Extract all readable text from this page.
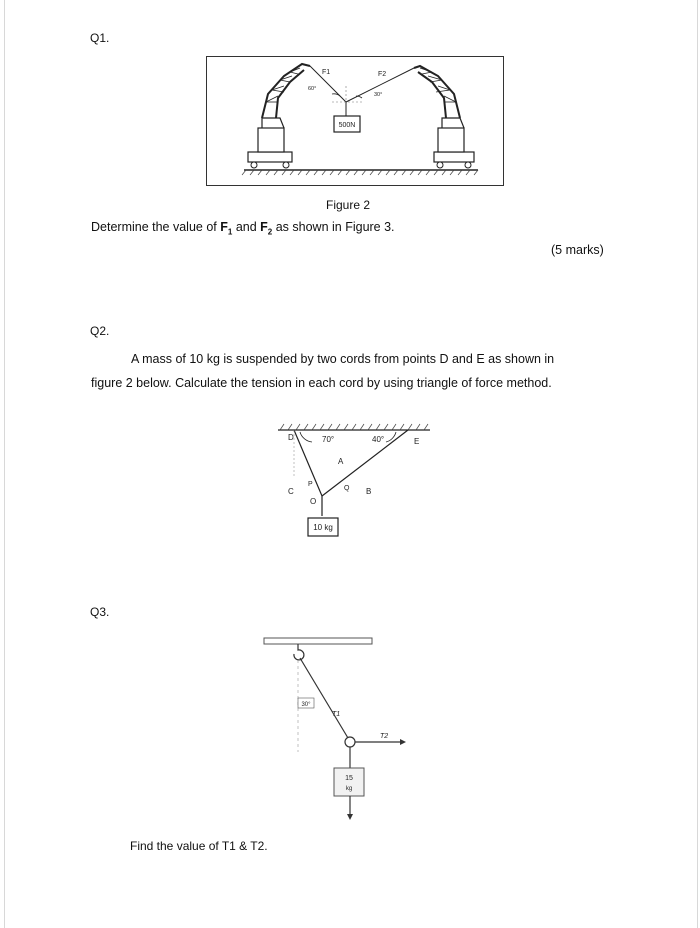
Q1.
500N
F1	F2
60°
30°
Figure 2
Determine the value of $F_1$ and $F_2$ as shown in Figure 3.
(5 marks)
Q2.
A mass of 10 kg is suspended by two cords from points D and E as shown in
figure 2 below. Calculate the tension in each cord by using triangle of force method.
10 kg
D	E
70°	40°
A
B
C
O
P
Q
Q3.
15
kg
30°
T1
T2
Find the value of T1 & T2.
